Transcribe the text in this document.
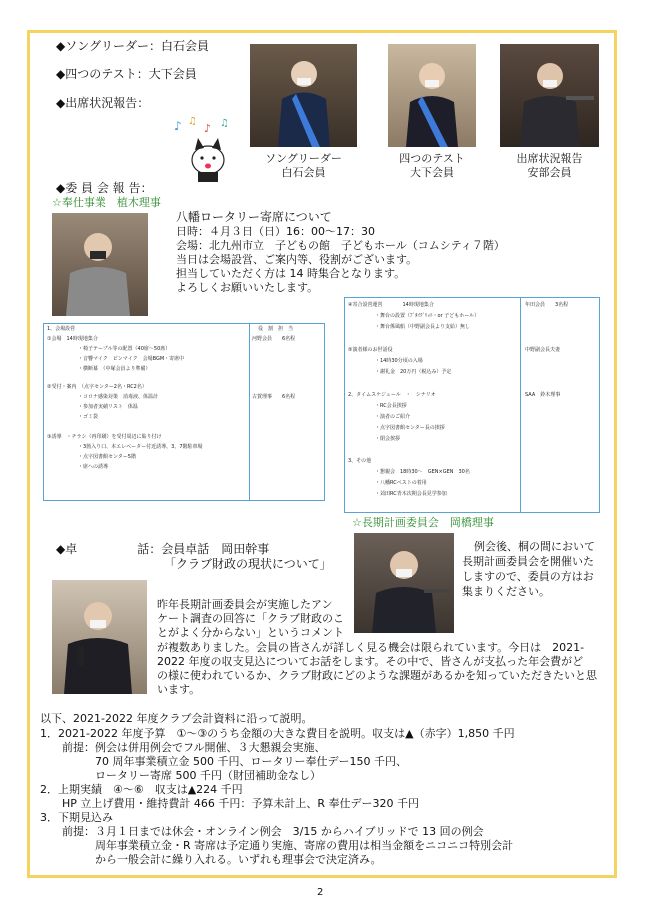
◆ソングリーダー：白石会員
◆四つのテスト：大下会員
◆出席状況報告：
♪ ♫
♪ ♫
ソングリーダー
白石会員
四つのテスト
大下会員
出席状況報告
安部会員
◆委 員 会 報 告：
☆奉仕事業　植木理事
八幡ロータリー寄席について
日時：４月３日（日）16：00～17：30
会場：北九州市立　子どもの館　子どもホール（コムシティ７階）
当日は会場設営、ご案内等、役割がございます。
担当していただく方は 14 時集合となります。
よろしくお願いいたします。
1、会場設営
①会場　14時現地集合
・椅子テーブル等の配置（40席～50席）
・音響マイク　ピンマイク　会場BGM・寄席中
・横断幕　（中塚会員より準備）
②受付・案内　（点字センター2名・RC2名）
・コロナ感染対策　消毒液、体温計
・参加者実績リスト　体温
・ゴミ袋
③誘導　・チラシ（再印刷）を受付周辺に貼り付け
・3箇入り口、本エレベーター付近誘導、3、7階駐車場
・点字図書館センター5階
・席への誘導
役　割　担　当
河野会員　　6名程
古賀理事　　6名程
④寄合設営運営　　　　14時現地集合
・舞台の設置（ﾌﾞﾀｲｸﾞﾘｯﾄ・or 子どもホール）
・舞台係風船（中野副会長より支給）無し
⑤演者様のお世話役
・14時30分頃の入場
・謝礼金　20万円（税込み）予定
2、タイムスケジュール　・　シナリオ
・RC会長挨拶
・演者のご紹介
・点字図書館センター長の挨拶
・閉会挨拶
3、その他
・懇親会　18時30～　GEN×GEN　30名
・八幡RCベストの着用
・苅田RC青木次期会長見学参加
年田会員　　3名程
中野副会長夫妻
SAA　鈴木理事
☆長期計画委員会　岡橋理事
例会後、桐の間において
長期計画委員会を開催いた
しますので、委員の方はお
集まりください。
◆卓　　　　　話：会員卓話　岡田幹事
「クラブ財政の現状について」
昨年長期計画委員会が実施したアン
ケート調査の回答に「クラブ財政のこ
とがよく分からない」というコメント
が複数ありました。会員の皆さんが詳しく見る機会は限られています。今日は　2021-
2022 年度の収支見込についてお話をします。その中で、皆さんが支払った年会費がど
の様に使われているか、クラブ財政にどのような課題があるかを知っていただきたいと思
います。
以下、2021-2022 年度クラブ会計資料に沿って説明。
1．2021-2022 年度予算　①～③のうち金額の大きな費目を説明。収支は▲（赤字）1,850 千円
　　前提：例会は併用例会でフル開催、３大懇親会実施、
　　　　　70 周年事業積立金 500 千円、ロータリー奉仕デー150 千円、
　　　　　ロータリー寄席 500 千円（財団補助金なし）
2．上期実績　④～⑥　収支は▲224 千円
　　HP 立上げ費用・維持費計 466 千円：予算未計上、R 奉仕デー320 千円
3．下期見込み
　　前提：３月１日までは休会・オンライン例会　3/15 からハイブリッドで 13 回の例会
　　　　　周年事業積立金・R 寄席は予定通り実施、寄席の費用は相当金額をニコニコ特別会計
　　　　　から一般会計に繰り入れる。いずれも理事会で決定済み。
2
